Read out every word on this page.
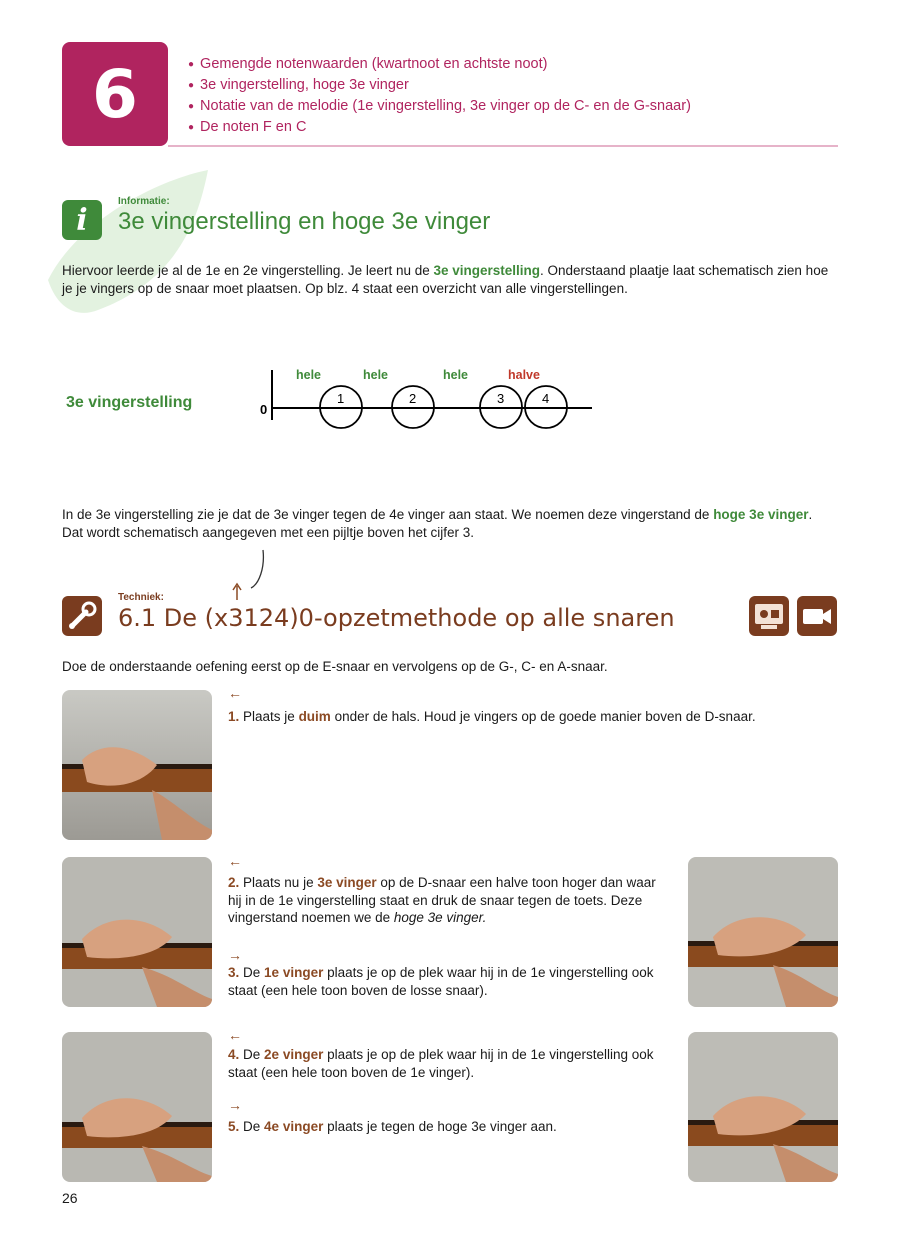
6
●	Gemengde notenwaarden (kwartnoot en achtste noot)
● 3e vingerstelling, hoge 3e vinger
● Notatie van de melodie (1e vingerstelling, 3e vinger op de C- en de G-snaar)
● De noten F en C
i
Informatie:
3e vingerstelling en hoge 3e vinger
Hiervoor leerde je al de 1e en 2e vingerstelling. Je leert nu de 3e vingerstelling. Onderstaand plaatje laat schematisch zien hoe je je vingers op de snaar moet plaatsen. Op blz. 4 staat een overzicht van alle vingerstellingen.
3e vingerstelling	0
hele	hele	hele	halve
1	2	3	4
In de 3e vingerstelling zie je dat de 3e vinger tegen de 4e vinger aan staat. We noemen deze vingerstand de hoge 3e vinger. Dat wordt schematisch aangegeven met een pijltje boven het cijfer 3.
Techniek:
6.1 De (x3124)0-opzetmethode op alle snaren
Doe de onderstaande oefening eerst op de E-snaar en vervolgens op de G-, C- en A-snaar.
←
1. Plaats je duim onder de hals. Houd je vingers op de goede manier boven de D-snaar.
←
2. Plaats nu je 3e vinger op de D-snaar een halve toon hoger dan waar hij in de 1e vingerstelling staat en druk de snaar tegen de toets. Deze vingerstand noemen we de hoge 3e vinger.
→
3. De 1e vinger plaats je op de plek waar hij in de 1e vingerstelling ook staat (een hele toon boven de losse snaar).
←
4. De 2e vinger plaats je op de plek waar hij in de 1e vingerstelling ook staat (een hele toon boven de 1e vinger).
→
5. De 4e vinger plaats je tegen de hoge 3e vinger aan.
26
